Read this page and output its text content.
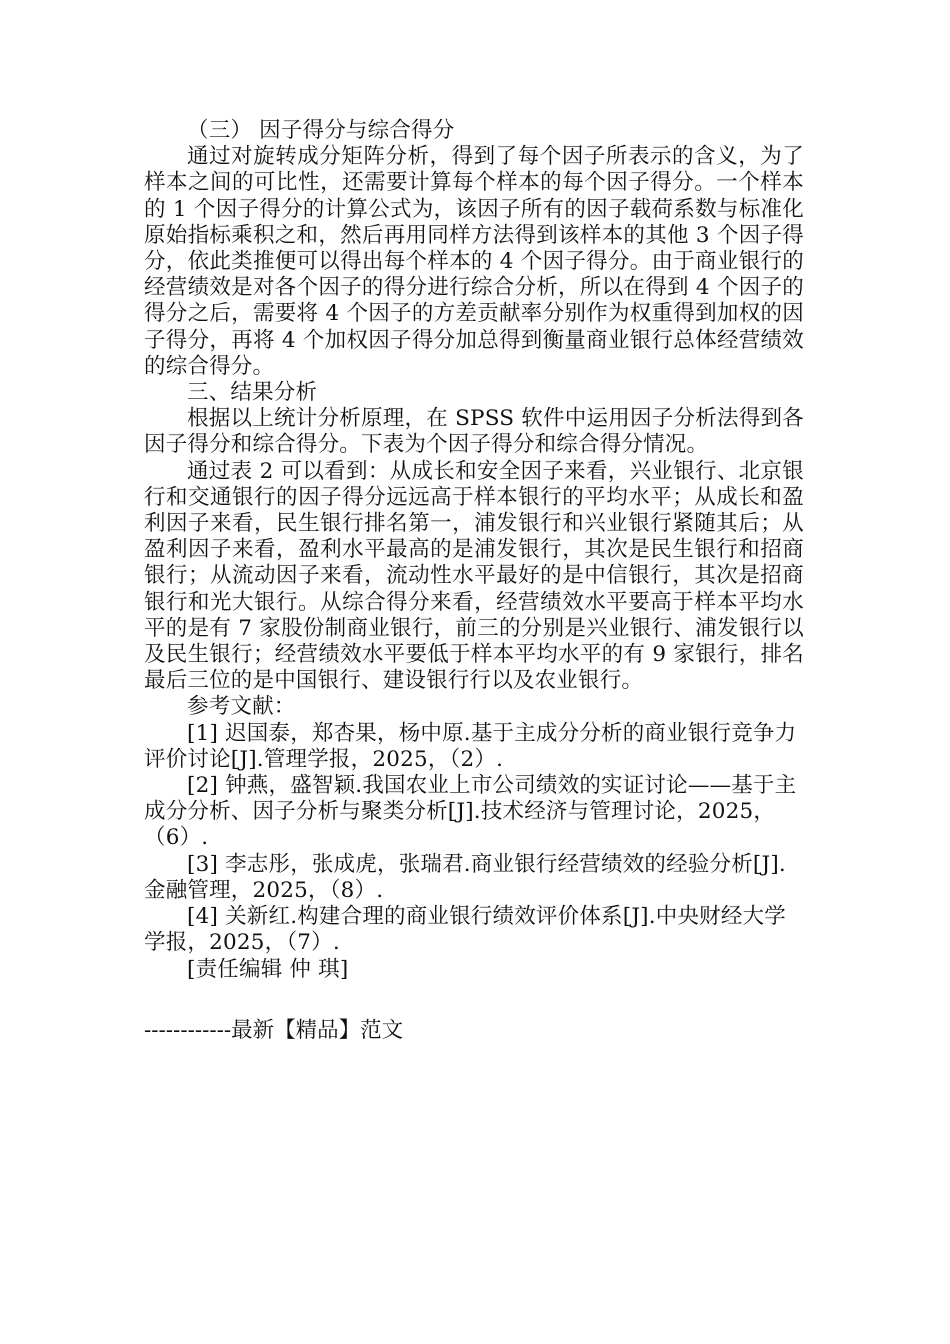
（三） 因子得分与综合得分

通过对旋转成分矩阵分析，得到了每个因子所表示的含义，为了样本之间的可比性，还需要计算每个样本的每个因子得分。一个样本的 1 个因子得分的计算公式为，该因子所有的因子载荷系数与标准化原始指标乘积之和，然后再用同样方法得到该样本的其他 3 个因子得分，依此类推便可以得出每个样本的 4 个因子得分。由于商业银行的经营绩效是对各个因子的得分进行综合分析，所以在得到 4 个因子的得分之后，需要将 4 个因子的方差贡献率分别作为权重得到加权的因子得分，再将 4 个加权因子得分加总得到衡量商业银行总体经营绩效的综合得分。

三、结果分析

根据以上统计分析原理，在 SPSS 软件中运用因子分析法得到各因子得分和综合得分。下表为个因子得分和综合得分情况。

通过表 2 可以看到：从成长和安全因子来看，兴业银行、北京银行和交通银行的因子得分远远高于样本银行的平均水平；从成长和盈利因子来看，民生银行排名第一，浦发银行和兴业银行紧随其后；从盈利因子来看，盈利水平最高的是浦发银行，其次是民生银行和招商银行；从流动因子来看，流动性水平最好的是中信银行，其次是招商银行和光大银行。从综合得分来看，经营绩效水平要高于样本平均水平的是有 7 家股份制商业银行，前三的分别是兴业银行、浦发银行以及民生银行；经营绩效水平要低于样本平均水平的有 9 家银行，排名最后三位的是中国银行、建设银行行以及农业银行。

参考文献：

[1] 迟国泰，郑杏果，杨中原.基于主成分分析的商业银行竞争力评价讨论[J].管理学报，2025，（2）.

[2] 钟燕，盛智颖.我国农业上市公司绩效的实证讨论——基于主成分分析、因子分析与聚类分析[J].技术经济与管理讨论，2025，（6）.

[3] 李志彤，张成虎，张瑞君.商业银行经营绩效的经验分析[J].金融管理，2025，（8）.

[4] 关新红.构建合理的商业银行绩效评价体系[J].中央财经大学学报，2025，（7）.

[责任编辑 仲 琪]

------------最新【精品】范文
